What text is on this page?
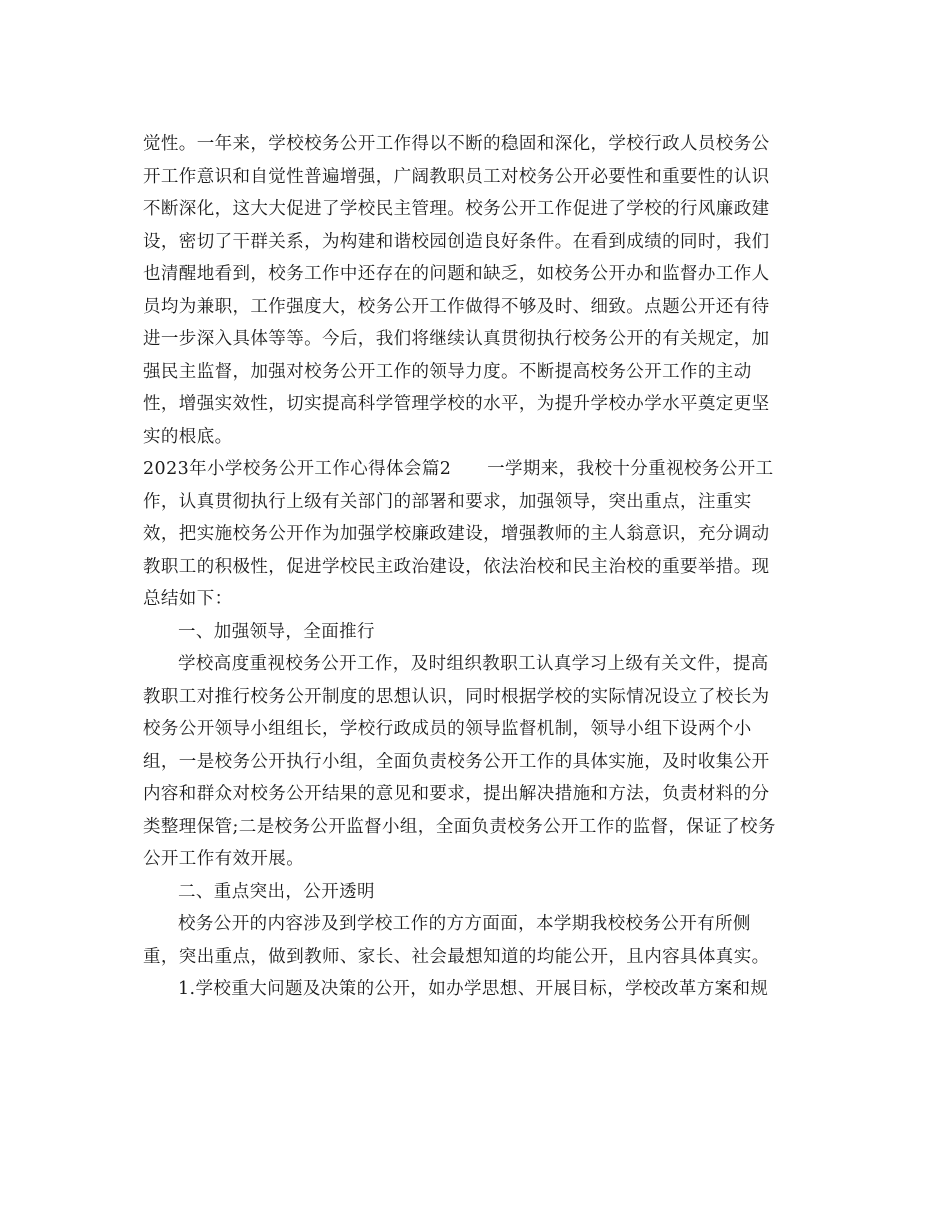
觉性。一年来，学校校务公开工作得以不断的稳固和深化，学校行政人员校务公
开工作意识和自觉性普遍增强，广阔教职员工对校务公开必要性和重要性的认识
不断深化，这大大促进了学校民主管理。校务公开工作促进了学校的行风廉政建
设，密切了干群关系，为构建和谐校园创造良好条件。在看到成绩的同时，我们
也清醒地看到，校务工作中还存在的问题和缺乏，如校务公开办和监督办工作人
员均为兼职，工作强度大，校务公开工作做得不够及时、细致。点题公开还有待
进一步深入具体等等。今后，我们将继续认真贯彻执行校务公开的有关规定，加
强民主监督，加强对校务公开工作的领导力度。不断提高校务公开工作的主动
性，增强实效性，切实提高科学管理学校的水平，为提升学校办学水平奠定更坚
实的根底。
2023年小学校务公开工作心得体会篇2　　一学期来，我校十分重视校务公开工
作，认真贯彻执行上级有关部门的部署和要求，加强领导，突出重点，注重实
效，把实施校务公开作为加强学校廉政建设，增强教师的主人翁意识，充分调动
教职工的积极性，促进学校民主政治建设，依法治校和民主治校的重要举措。现
总结如下：
一、加强领导，全面推行
学校高度重视校务公开工作，及时组织教职工认真学习上级有关文件，提高
教职工对推行校务公开制度的思想认识，同时根据学校的实际情况设立了校长为
校务公开领导小组组长，学校行政成员的领导监督机制，领导小组下设两个小
组，一是校务公开执行小组，全面负责校务公开工作的具体实施，及时收集公开
内容和群众对校务公开结果的意见和要求，提出解决措施和方法，负责材料的分
类整理保管;二是校务公开监督小组，全面负责校务公开工作的监督，保证了校务
公开工作有效开展。
二、重点突出，公开透明
校务公开的内容涉及到学校工作的方方面面，本学期我校校务公开有所侧
重，突出重点，做到教师、家长、社会最想知道的均能公开，且内容具体真实。
1.学校重大问题及决策的公开，如办学思想、开展目标，学校改革方案和规
